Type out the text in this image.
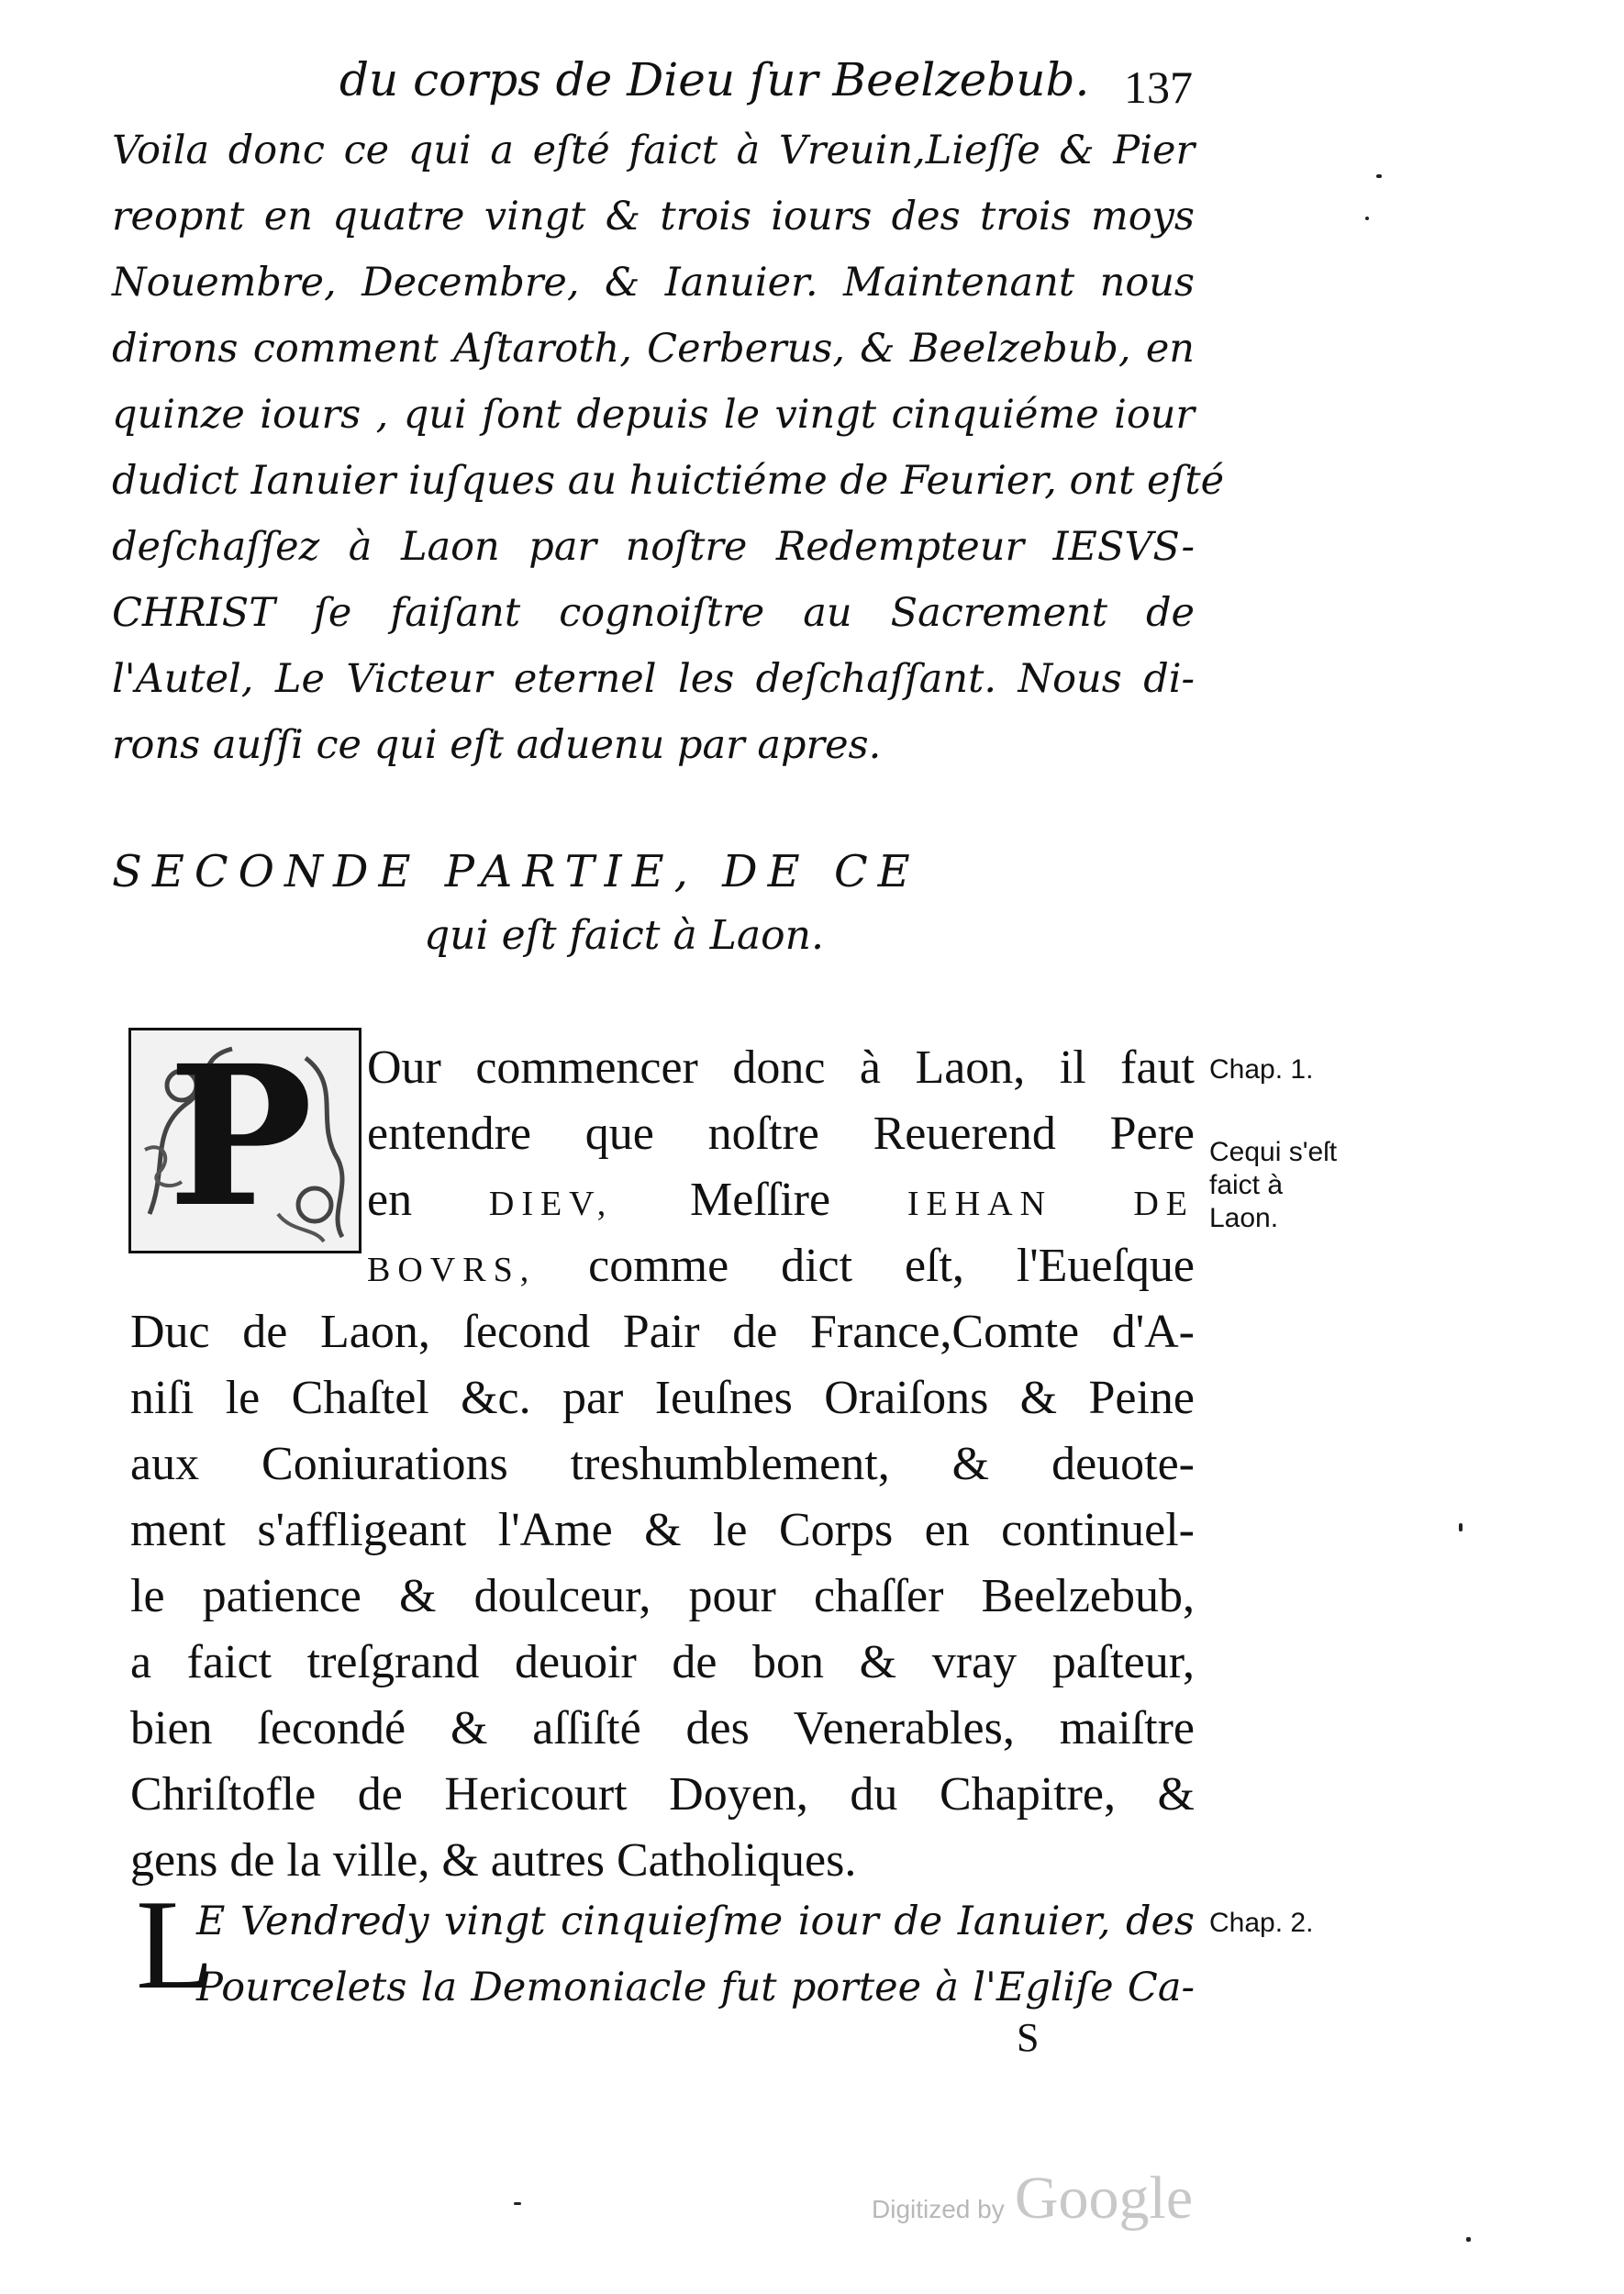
du corps de Dieu ſur Beelzebub. 137
Voila donc ce qui a eſté faict à Vreuin,Lieſſe & Pier
reopnt en quatre vingt & trois iours des trois moys
Nouembre, Decembre, & Ianuier. Maintenant nous
dirons comment Aſtaroth, Cerberus, & Beelzebub, en
quinze iours , qui ſont depuis le vingt cinquiéme iour
dudict Ianuier iuſques au huictiéme de Feurier, ont eſté
deſchaſſez à Laon par noſtre Redempteur IESVS-
CHRIST ſe faiſant cognoiſtre au Sacrement de
l'Autel, Le Victeur eternel les deſchaſſant. Nous di-
rons auſſi ce qui eſt aduenu par apres.
SECONDE PARTIE, DE CE
qui eſt faict à Laon.
P Our commencer donc à Laon, il faut
entendre que noſtre Reuerend Pere
en DIEV, Meſſire IEHAN DE
BOVRS, comme dict eſt, l'Eueſque
Duc de Laon, ſecond Pair de France,Comte d'A-
niſi le Chaſtel &c. par Ieuſnes Oraiſons & Peine
aux Coniurations treshumblement, & deuote-
ment s'affligeant l'Ame & le Corps en continuel-
le patience & doulceur, pour chaſſer Beelzebub,
a faict treſgrand deuoir de bon & vray paſteur,
bien ſecondé & aſſiſté des Venerables, maiſtre
Chriſtofle de Hericourt Doyen, du Chapitre, &
gens de la ville, & autres Catholiques.
L
E Vendredy vingt cinquieſme iour de Ianuier, des
Pourcelets la Demoniacle fut portee à l'Egliſe Ca-
S
Chap. 1.
Cequi s'eſt
faict à
Laon.
Chap. 2.
Digitized by Google
